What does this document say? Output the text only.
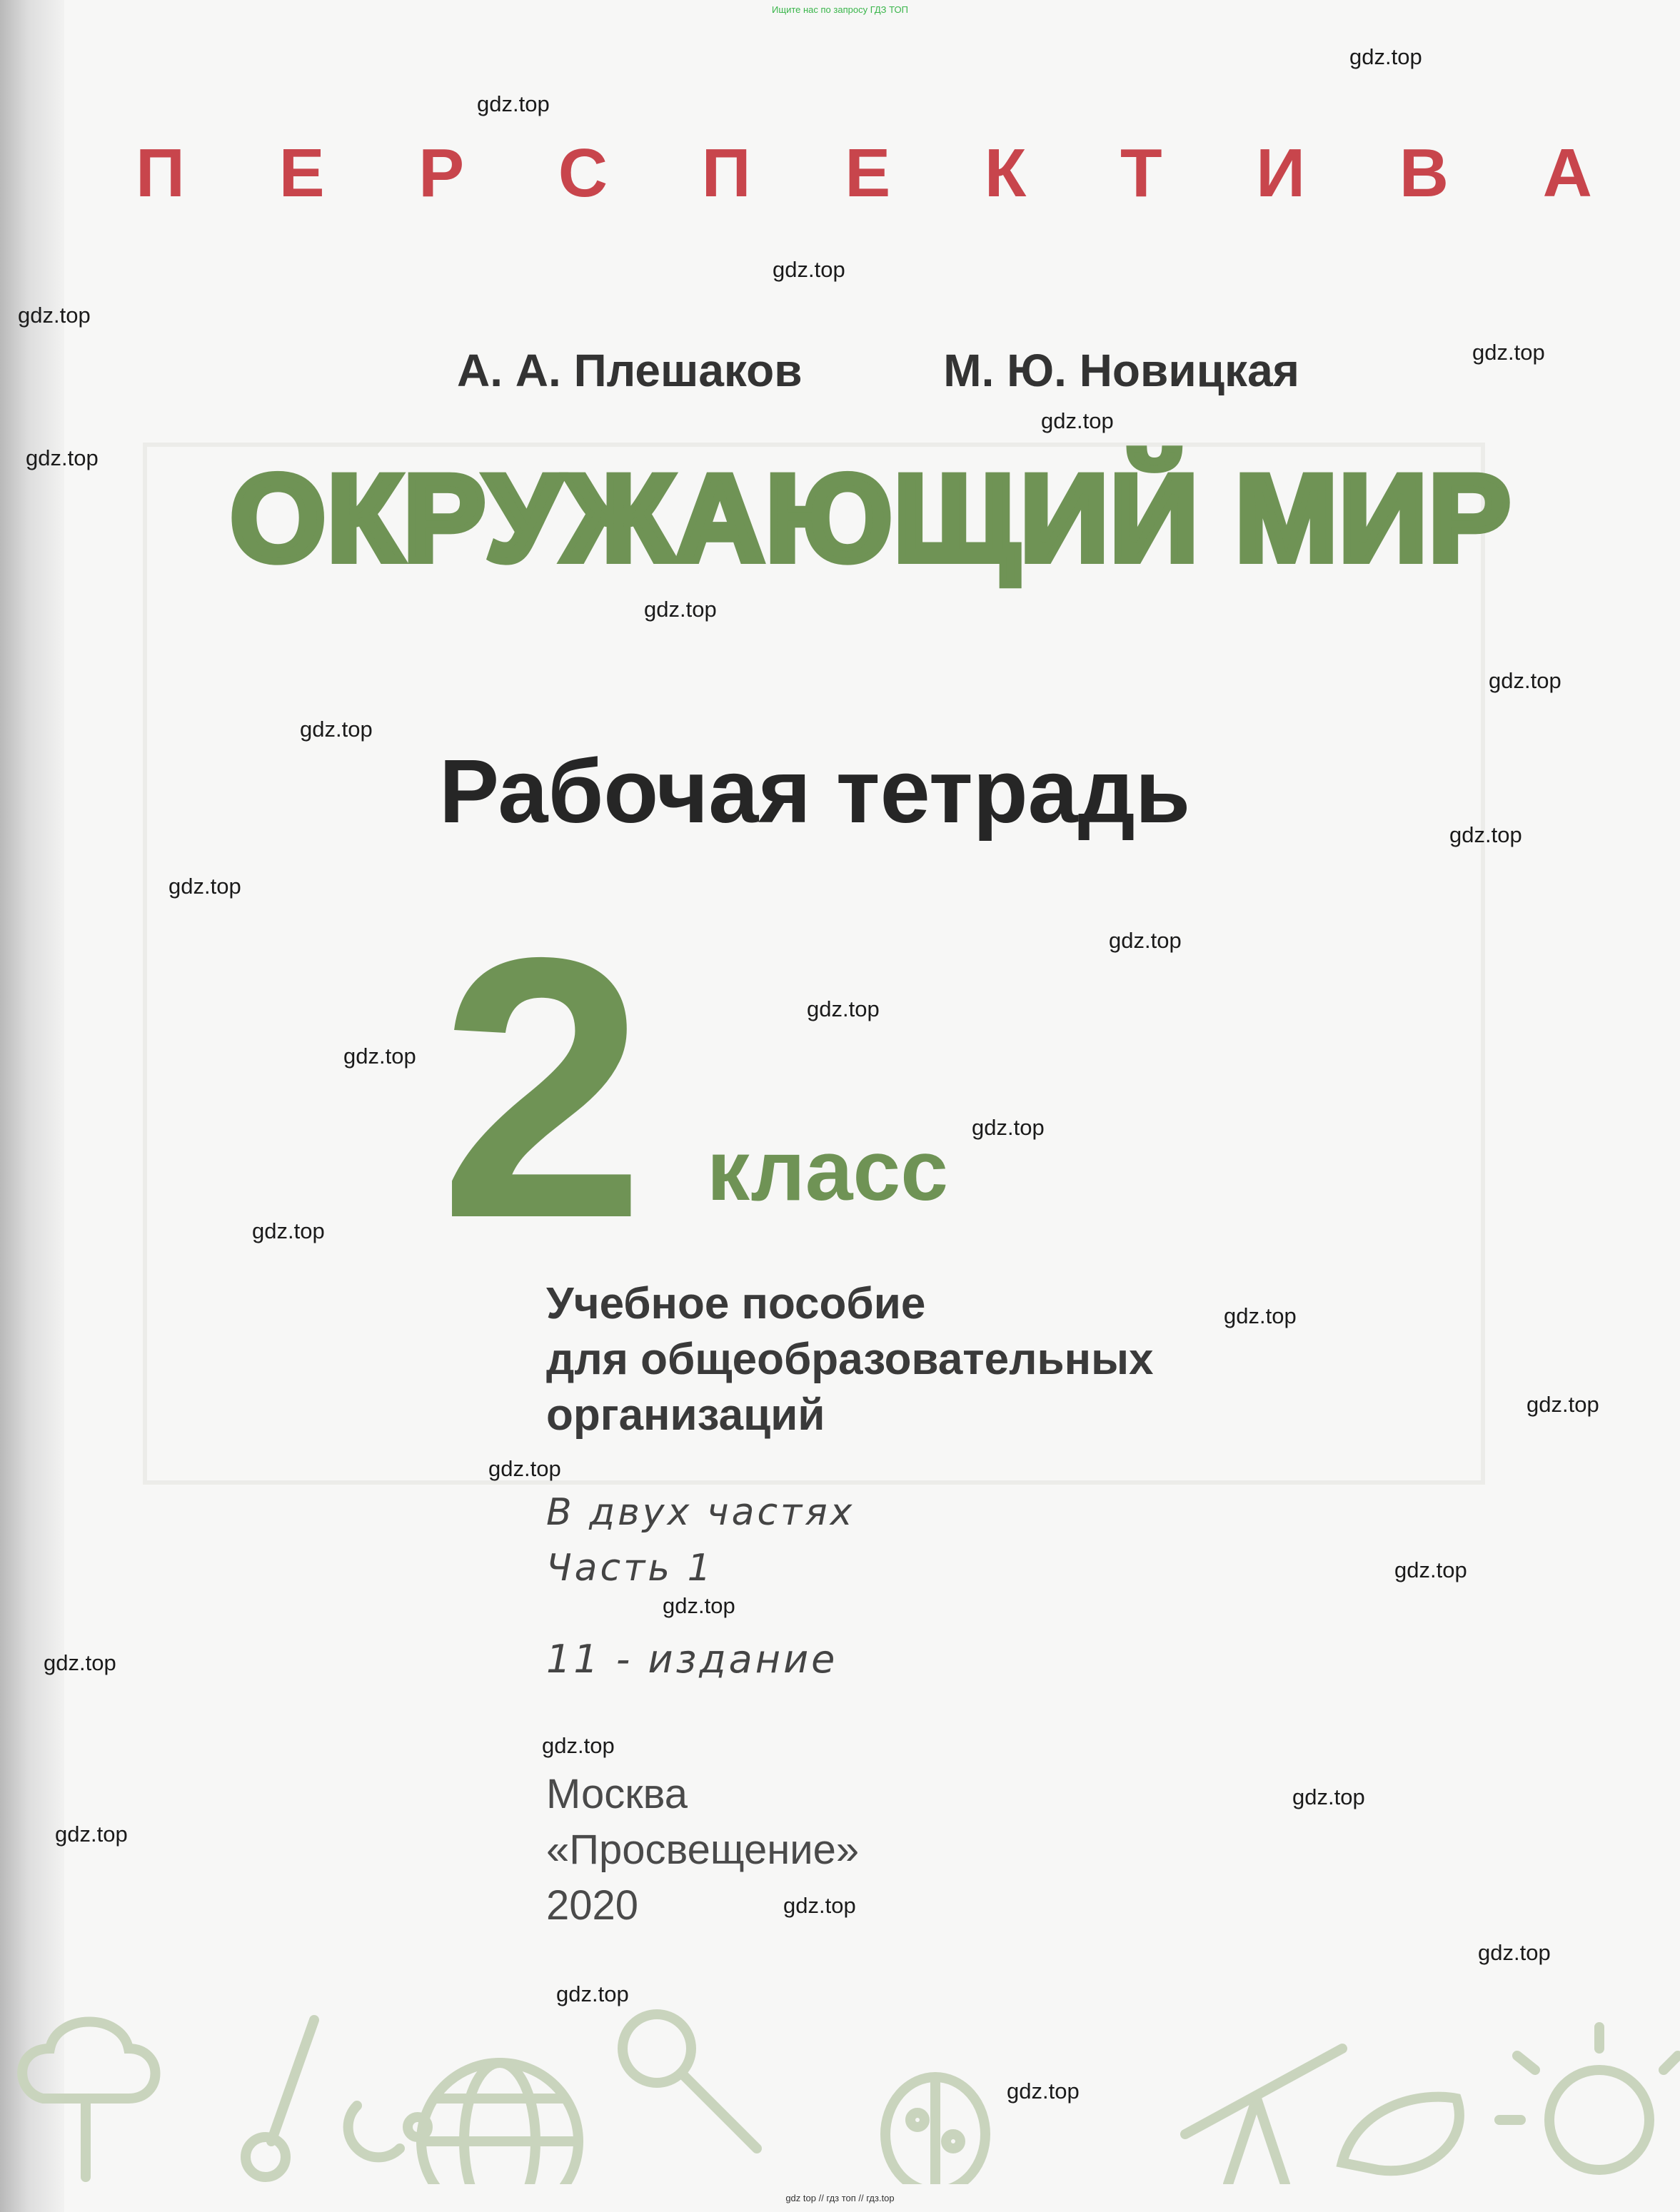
Ищите нас по запросу ГДЗ ТОП
П Е Р С П Е К Т И В А
А. А. Плешаков	М. Ю. Новицкая
ОКРУЖАЮЩИЙ МИР
Рабочая тетрадь
2 класс
Учебное пособие
для общеобразовательных
организаций
В двух частях
Часть 1
11 - издание
Москва
«Просвещение»
2020
gdz.top
gdz.top
gdz.top
gdz.top
gdz.top
gdz.top
gdz.top
gdz.top
gdz.top
gdz.top
gdz.top
gdz.top
gdz.top
gdz.top
gdz.top
gdz.top
gdz.top
gdz.top
gdz.top
gdz.top
gdz.top
gdz.top
gdz.top
gdz.top
gdz.top
gdz.top
gdz.top
gdz.top
gdz.top
gdz.top
gdz top // гдз топ // гдз.top
